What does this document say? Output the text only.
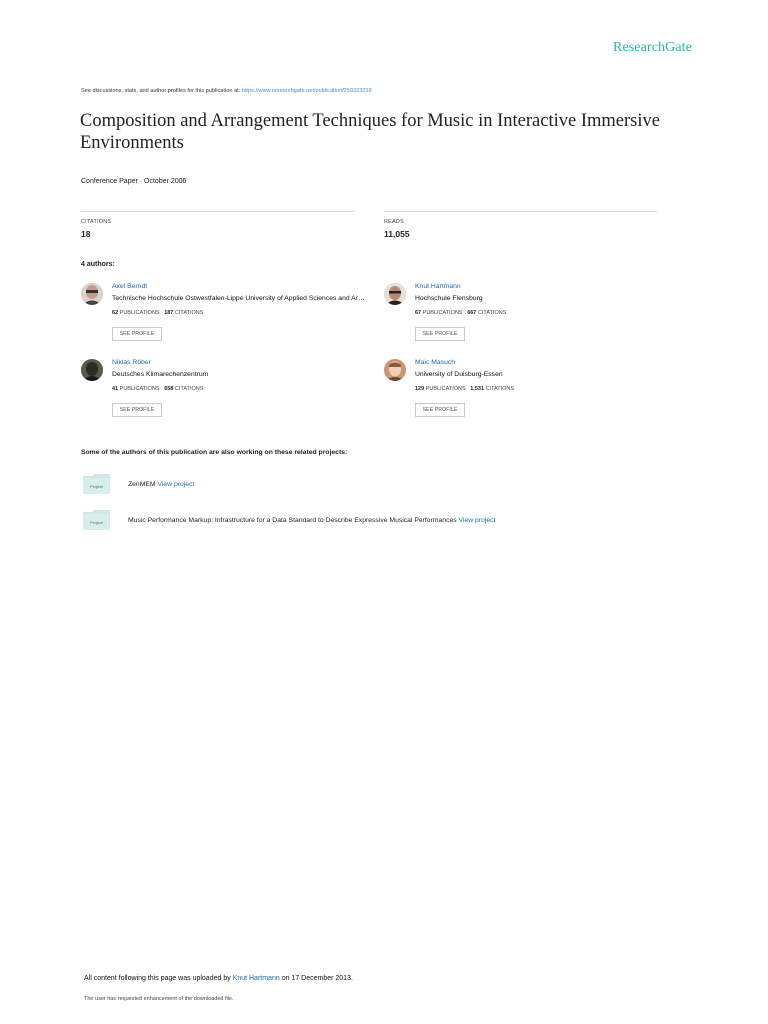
ResearchGate
See discussions, stats, and author profiles for this publication at: https://www.researchgate.net/publication/259323218
Composition and Arrangement Techniques for Music in Interactive Immersive Environments
Conference Paper · October 2006
CITATIONS
18
READS
11,055
4 authors:
Axel Berndt
Technische Hochschule Ostwestfalen-Lippe University of Applied Sciences and Ar…
62 PUBLICATIONS 187 CITATIONS
SEE PROFILE
Knut Hartmann
Hochschule Flensburg
67 PUBLICATIONS 667 CITATIONS
SEE PROFILE
Niklas Röber
Deutsches Klimarechenzentrum
41 PUBLICATIONS 658 CITATIONS
SEE PROFILE
Maic Masuch
University of Duisburg-Essen
129 PUBLICATIONS 1,531 CITATIONS
SEE PROFILE
Some of the authors of this publication are also working on these related projects:
Project	ZenMEM View project
Project	Music Performance Markup: Infrastructure for a Data Standard to Describe Expressive Musical Performances View project
All content following this page was uploaded by Knut Hartmann on 17 December 2013.
The user has requested enhancement of the downloaded file.
